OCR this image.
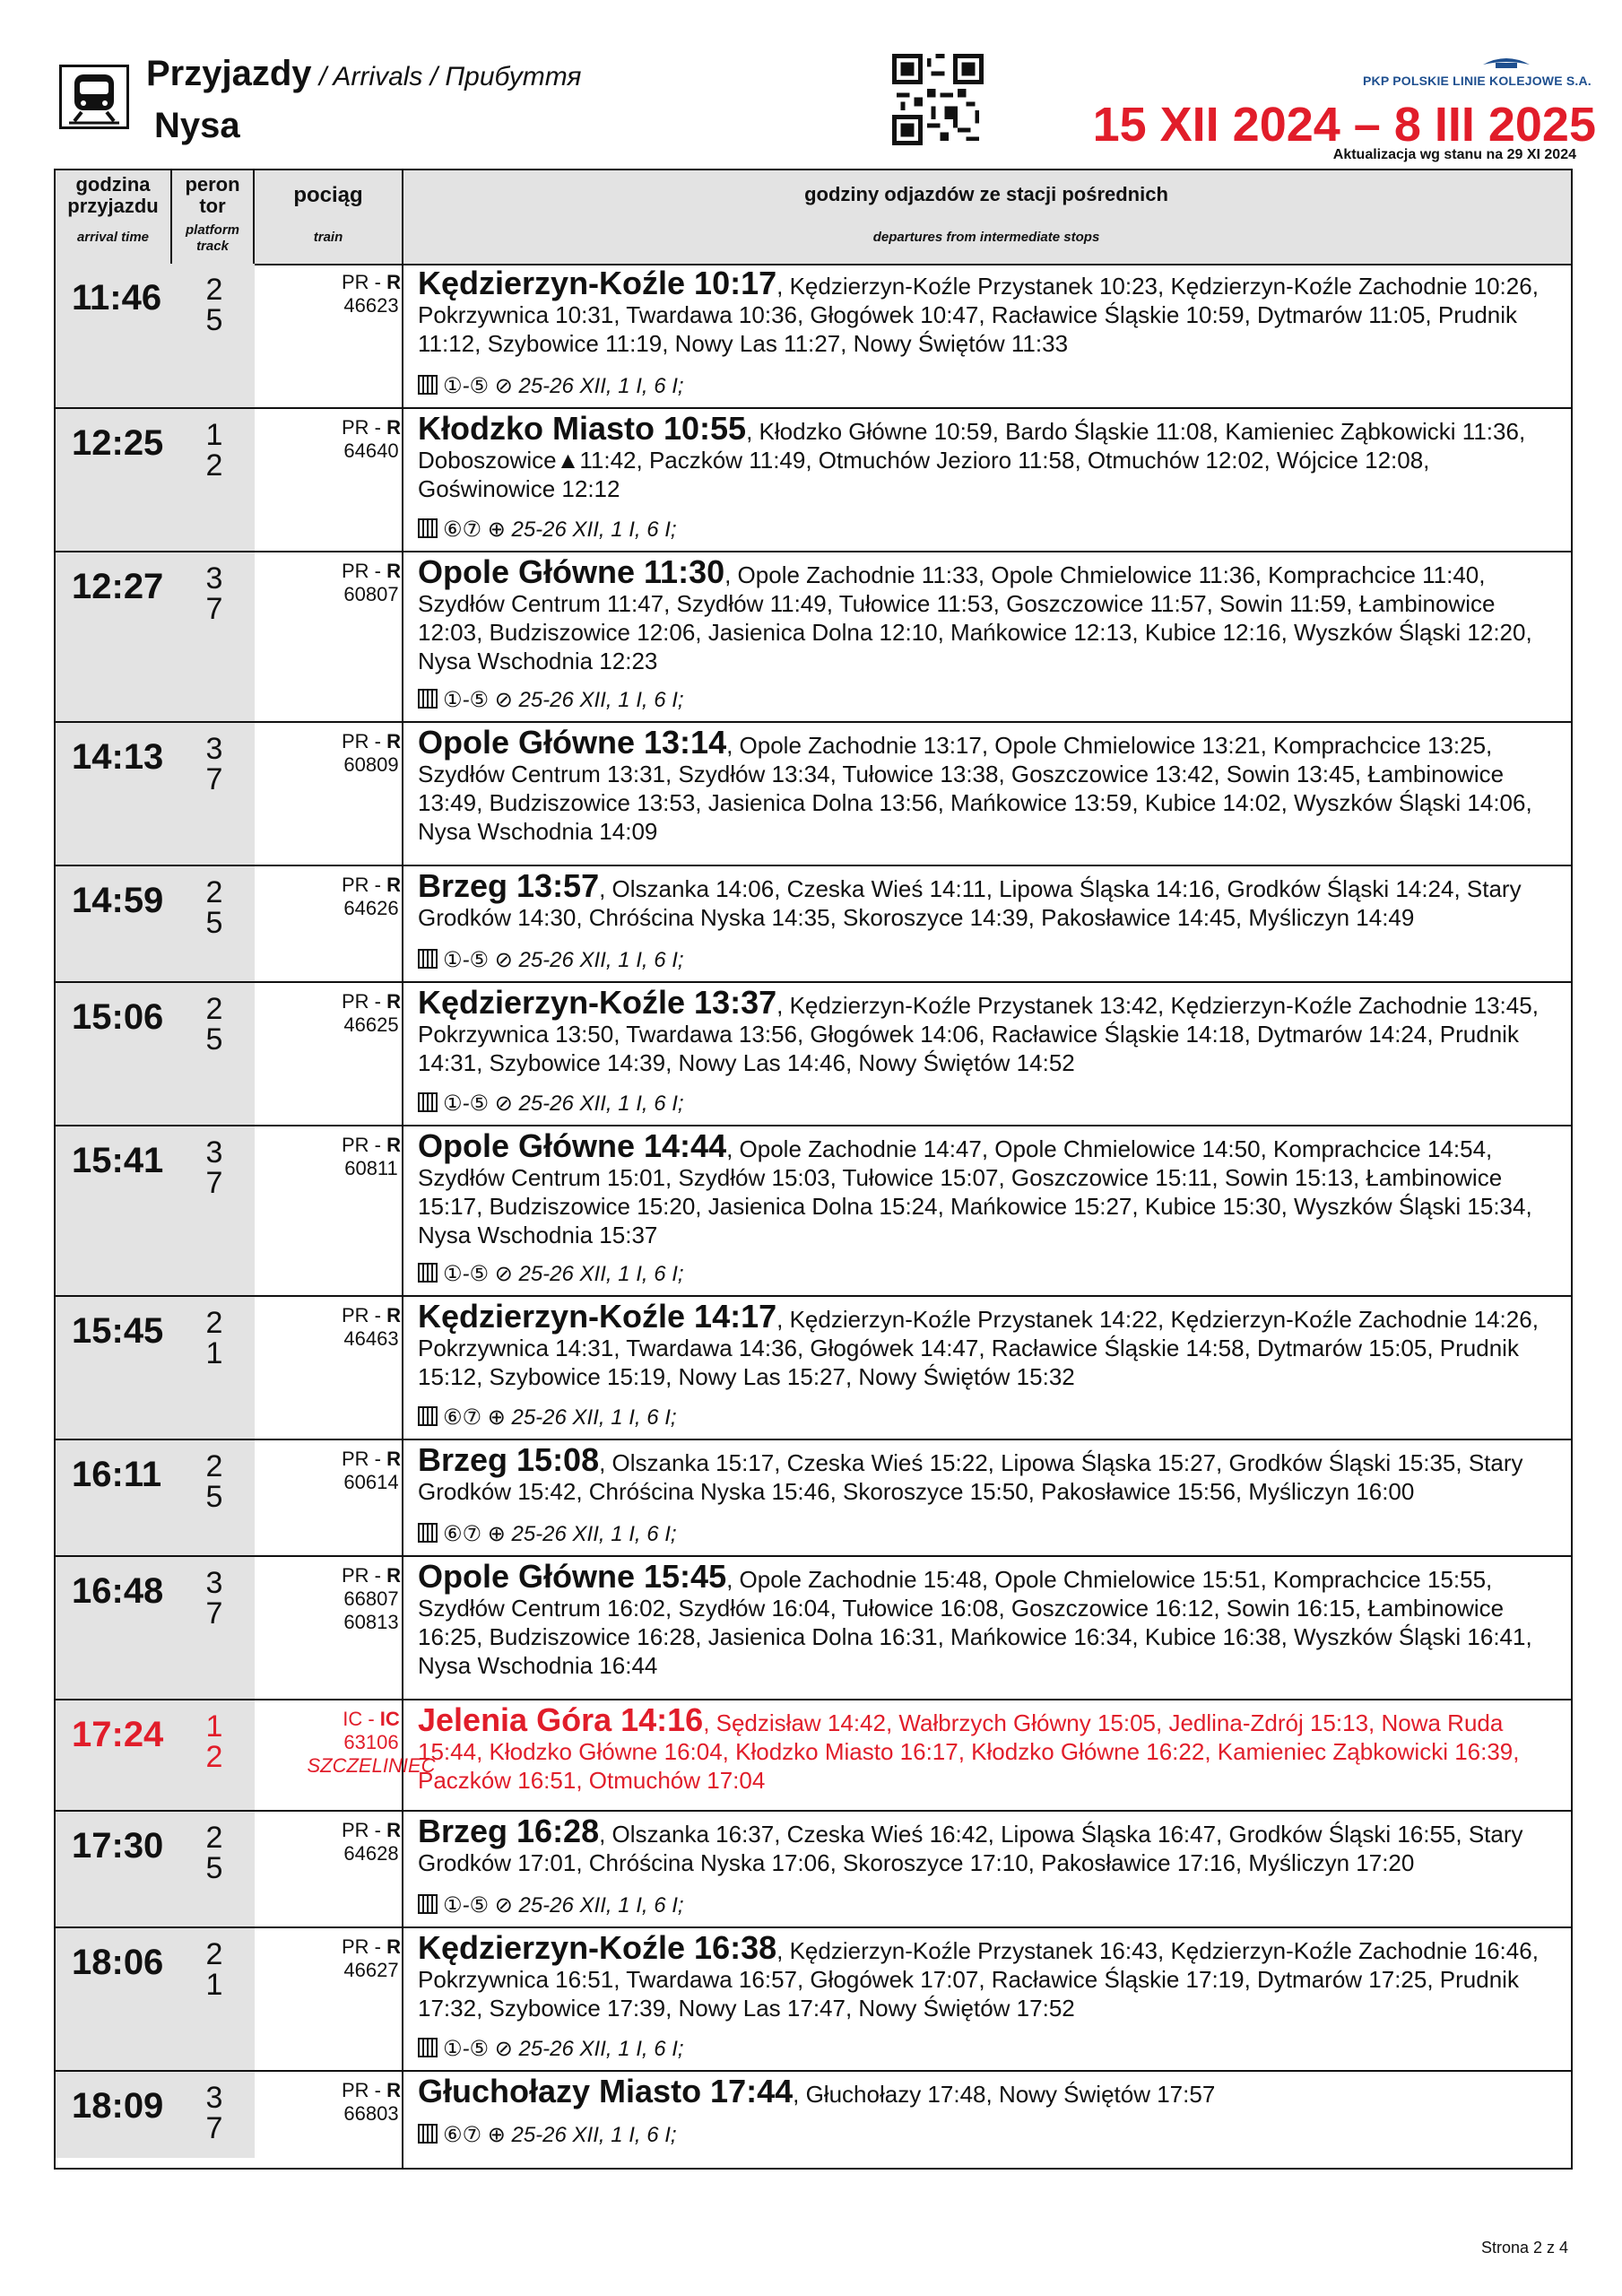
Przyjazdy / Arrivals / Прибуття
Nysa
PKP POLSKIE LINIE KOLEJOWE S.A.
15 XII 2024 – 8 III 2025
Aktualizacja wg stanu na 29 XI 2024
godzina przyjazdu
arrival time
peron tor
platform track
pociąg
train
godziny odjazdów ze stacji pośrednich
departures from intermediate stops
11:46 2
5
PR - R
46623
Kędzierzyn-Koźle 10:17, Kędzierzyn-Koźle Przystanek 10:23, Kędzierzyn-Koźle Zachodnie 10:26, Pokrzywnica 10:31, Twardawa 10:36, Głogówek 10:47, Racławice Śląskie 10:59, Dytmarów 11:05, Prudnik 11:12, Szybowice 11:19, Nowy Las 11:27, Nowy Świętów 11:33
①-⑤ ⊘ 25-26 XII, 1 I, 6 I;
12:25 1
2
PR - R
64640
Kłodzko Miasto 10:55, Kłodzko Główne 10:59, Bardo Śląskie 11:08, Kamieniec Ząbkowicki 11:36, Doboszowice▲11:42, Paczków 11:49, Otmuchów Jezioro 11:58, Otmuchów 12:02, Wójcice 12:08, Goświnowice 12:12
⑥⑦ ⊕ 25-26 XII, 1 I, 6 I;
12:27 3
7
PR - R
60807
Opole Główne 11:30, Opole Zachodnie 11:33, Opole Chmielowice 11:36, Komprachcice 11:40, Szydłów Centrum 11:47, Szydłów 11:49, Tułowice 11:53, Goszczowice 11:57, Sowin 11:59, Łambinowice 12:03, Budziszowice 12:06, Jasienica Dolna 12:10, Mańkowice 12:13, Kubice 12:16, Wyszków Śląski 12:20, Nysa Wschodnia 12:23
①-⑤ ⊘ 25-26 XII, 1 I, 6 I;
14:13 3
7
PR - R
60809
Opole Główne 13:14, Opole Zachodnie 13:17, Opole Chmielowice 13:21, Komprachcice 13:25, Szydłów Centrum 13:31, Szydłów 13:34, Tułowice 13:38, Goszczowice 13:42, Sowin 13:45, Łambinowice 13:49, Budziszowice 13:53, Jasienica Dolna 13:56, Mańkowice 13:59, Kubice 14:02, Wyszków Śląski 14:06, Nysa Wschodnia 14:09
14:59 2
5
PR - R
64626
Brzeg 13:57, Olszanka 14:06, Czeska Wieś 14:11, Lipowa Śląska 14:16, Grodków Śląski 14:24, Stary Grodków 14:30, Chróścina Nyska 14:35, Skoroszyce 14:39, Pakosławice 14:45, Myśliczyn 14:49
①-⑤ ⊘ 25-26 XII, 1 I, 6 I;
15:06 2
5
PR - R
46625
Kędzierzyn-Koźle 13:37, Kędzierzyn-Koźle Przystanek 13:42, Kędzierzyn-Koźle Zachodnie 13:45, Pokrzywnica 13:50, Twardawa 13:56, Głogówek 14:06, Racławice Śląskie 14:18, Dytmarów 14:24, Prudnik 14:31, Szybowice 14:39, Nowy Las 14:46, Nowy Świętów 14:52
①-⑤ ⊘ 25-26 XII, 1 I, 6 I;
15:41 3
7
PR - R
60811
Opole Główne 14:44, Opole Zachodnie 14:47, Opole Chmielowice 14:50, Komprachcice 14:54, Szydłów Centrum 15:01, Szydłów 15:03, Tułowice 15:07, Goszczowice 15:11, Sowin 15:13, Łambinowice 15:17, Budziszowice 15:20, Jasienica Dolna 15:24, Mańkowice 15:27, Kubice 15:30, Wyszków Śląski 15:34, Nysa Wschodnia 15:37
①-⑤ ⊘ 25-26 XII, 1 I, 6 I;
15:45 2
1
PR - R
46463
Kędzierzyn-Koźle 14:17, Kędzierzyn-Koźle Przystanek 14:22, Kędzierzyn-Koźle Zachodnie 14:26, Pokrzywnica 14:31, Twardawa 14:36, Głogówek 14:47, Racławice Śląskie 14:58, Dytmarów 15:05, Prudnik 15:12, Szybowice 15:19, Nowy Las 15:27, Nowy Świętów 15:32
⑥⑦ ⊕ 25-26 XII, 1 I, 6 I;
16:11 2
5
PR - R
60614
Brzeg 15:08, Olszanka 15:17, Czeska Wieś 15:22, Lipowa Śląska 15:27, Grodków Śląski 15:35, Stary Grodków 15:42, Chróścina Nyska 15:46, Skoroszyce 15:50, Pakosławice 15:56, Myśliczyn 16:00
⑥⑦ ⊕ 25-26 XII, 1 I, 6 I;
16:48 3
7
PR - R
66807
60813
Opole Główne 15:45, Opole Zachodnie 15:48, Opole Chmielowice 15:51, Komprachcice 15:55, Szydłów Centrum 16:02, Szydłów 16:04, Tułowice 16:08, Goszczowice 16:12, Sowin 16:15, Łambinowice 16:25, Budziszowice 16:28, Jasienica Dolna 16:31, Mańkowice 16:34, Kubice 16:38, Wyszków Śląski 16:41, Nysa Wschodnia 16:44
17:24 1
2
IC - IC
63106
SZCZELINIEC
Jelenia Góra 14:16, Sędzisław 14:42, Wałbrzych Główny 15:05, Jedlina-Zdrój 15:13, Nowa Ruda 15:44, Kłodzko Główne 16:04, Kłodzko Miasto 16:17, Kłodzko Główne 16:22, Kamieniec Ząbkowicki 16:39, Paczków 16:51, Otmuchów 17:04
17:30 2
5
PR - R
64628
Brzeg 16:28, Olszanka 16:37, Czeska Wieś 16:42, Lipowa Śląska 16:47, Grodków Śląski 16:55, Stary Grodków 17:01, Chróścina Nyska 17:06, Skoroszyce 17:10, Pakosławice 17:16, Myśliczyn 17:20
①-⑤ ⊘ 25-26 XII, 1 I, 6 I;
18:06 2
1
PR - R
46627
Kędzierzyn-Koźle 16:38, Kędzierzyn-Koźle Przystanek 16:43, Kędzierzyn-Koźle Zachodnie 16:46, Pokrzywnica 16:51, Twardawa 16:57, Głogówek 17:07, Racławice Śląskie 17:19, Dytmarów 17:25, Prudnik 17:32, Szybowice 17:39, Nowy Las 17:47, Nowy Świętów 17:52
①-⑤ ⊘ 25-26 XII, 1 I, 6 I;
18:09 3
7
PR - R
66803
Głuchołazy Miasto 17:44, Głuchołazy 17:48, Nowy Świętów 17:57
⑥⑦ ⊕ 25-26 XII, 1 I, 6 I;
Strona 2 z 4
